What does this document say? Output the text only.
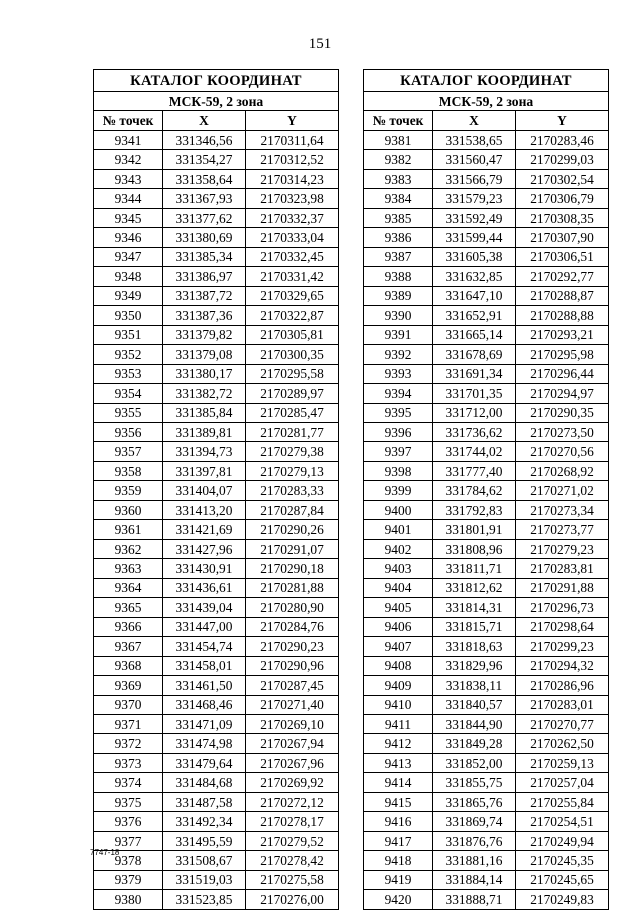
151
КАТАЛОГ КООРДИНАТ		
МСК-59, 2 зона		
№ точек	X	Y
9341	331346,56	2170311,64
9342	331354,27	2170312,52
9343	331358,64	2170314,23
9344	331367,93	2170323,98
9345	331377,62	2170332,37
9346	331380,69	2170333,04
9347	331385,34	2170332,45
9348	331386,97	2170331,42
9349	331387,72	2170329,65
9350	331387,36	2170322,87
9351	331379,82	2170305,81
9352	331379,08	2170300,35
9353	331380,17	2170295,58
9354	331382,72	2170289,97
9355	331385,84	2170285,47
9356	331389,81	2170281,77
9357	331394,73	2170279,38
9358	331397,81	2170279,13
9359	331404,07	2170283,33
9360	331413,20	2170287,84
9361	331421,69	2170290,26
9362	331427,96	2170291,07
9363	331430,91	2170290,18
9364	331436,61	2170281,88
9365	331439,04	2170280,90
9366	331447,00	2170284,76
9367	331454,74	2170290,23
9368	331458,01	2170290,96
9369	331461,50	2170287,45
9370	331468,46	2170271,40
9371	331471,09	2170269,10
9372	331474,98	2170267,94
9373	331479,64	2170267,96
9374	331484,68	2170269,92
9375	331487,58	2170272,12
9376	331492,34	2170278,17
9377	331495,59	2170279,52
9378	331508,67	2170278,42
9379	331519,03	2170275,58
9380	331523,85	2170276,00
КАТАЛОГ КООРДИНАТ		
МСК-59, 2 зона		
№ точек	X	Y
9381	331538,65	2170283,46
9382	331560,47	2170299,03
9383	331566,79	2170302,54
9384	331579,23	2170306,79
9385	331592,49	2170308,35
9386	331599,44	2170307,90
9387	331605,38	2170306,51
9388	331632,85	2170292,77
9389	331647,10	2170288,87
9390	331652,91	2170288,88
9391	331665,14	2170293,21
9392	331678,69	2170295,98
9393	331691,34	2170296,44
9394	331701,35	2170294,97
9395	331712,00	2170290,35
9396	331736,62	2170273,50
9397	331744,02	2170270,56
9398	331777,40	2170268,92
9399	331784,62	2170271,02
9400	331792,83	2170273,34
9401	331801,91	2170273,77
9402	331808,96	2170279,23
9403	331811,71	2170283,81
9404	331812,62	2170291,88
9405	331814,31	2170296,73
9406	331815,71	2170298,64
9407	331818,63	2170299,23
9408	331829,96	2170294,32
9409	331838,11	2170286,96
9410	331840,57	2170283,01
9411	331844,90	2170270,77
9412	331849,28	2170262,50
9413	331852,00	2170259,13
9414	331855,75	2170257,04
9415	331865,76	2170255,84
9416	331869,74	2170254,51
9417	331876,76	2170249,94
9418	331881,16	2170245,35
9419	331884,14	2170245,65
9420	331888,71	2170249,83
7747-18
